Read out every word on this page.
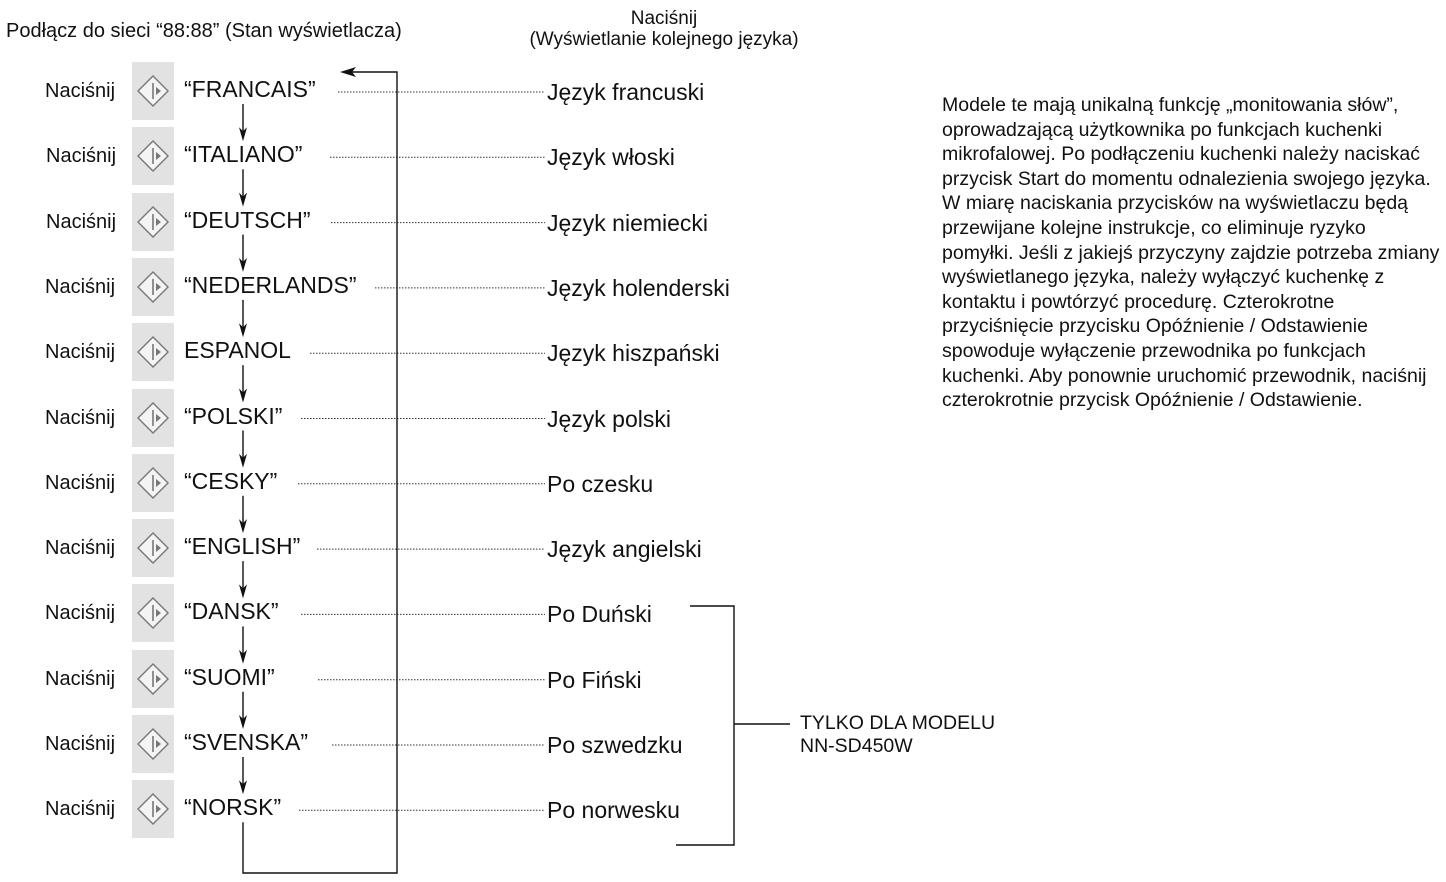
Podłącz do sieci “88:88” (Stan wyświetlacza)
Naciśnij
(Wyświetlanie kolejnego języka)
Naciśnij	“FRANCAIS”	Język francuski
Naciśnij	“ITALIANO”	Język włoski
Naciśnij	“DEUTSCH”	Język niemiecki
Naciśnij	“NEDERLANDS”	Język holenderski
Naciśnij	ESPANOL	Język hiszpański
Naciśnij	“POLSKI”	Język polski
Naciśnij	“CESKY”	Po czesku
Naciśnij	“ENGLISH”	Język angielski
Naciśnij	“DANSK”	Po Duński
Naciśnij	“SUOMI”	Po Fiński
Naciśnij	“SVENSKA”	Po szwedzku
Naciśnij	“NORSK”	Po norwesku
TYLKO DLA MODELU
NN-SD450W
Modele te mają unikalną funkcję „monitowania słów”, oprowadzającą użytkownika po funkcjach kuchenki mikrofalowej. Po podłączeniu kuchenki należy naciskać przycisk Start do momentu odnalezienia swojego języka. W miarę naciskania przycisków na wyświetlaczu będą przewijane kolejne instrukcje, co eliminuje ryzyko pomyłki. Jeśli z jakiejś przyczyny zajdzie potrzeba zmiany wyświetlanego języka, należy wyłączyć kuchenkę z kontaktu i powtórzyć procedurę. Czterokrotne przyciśnięcie przycisku Opóźnienie / Odstawienie spowoduje wyłączenie przewodnika po funkcjach kuchenki. Aby ponownie uruchomić przewodnik, naciśnij czterokrotnie przycisk Opóźnienie / Odstawienie.
